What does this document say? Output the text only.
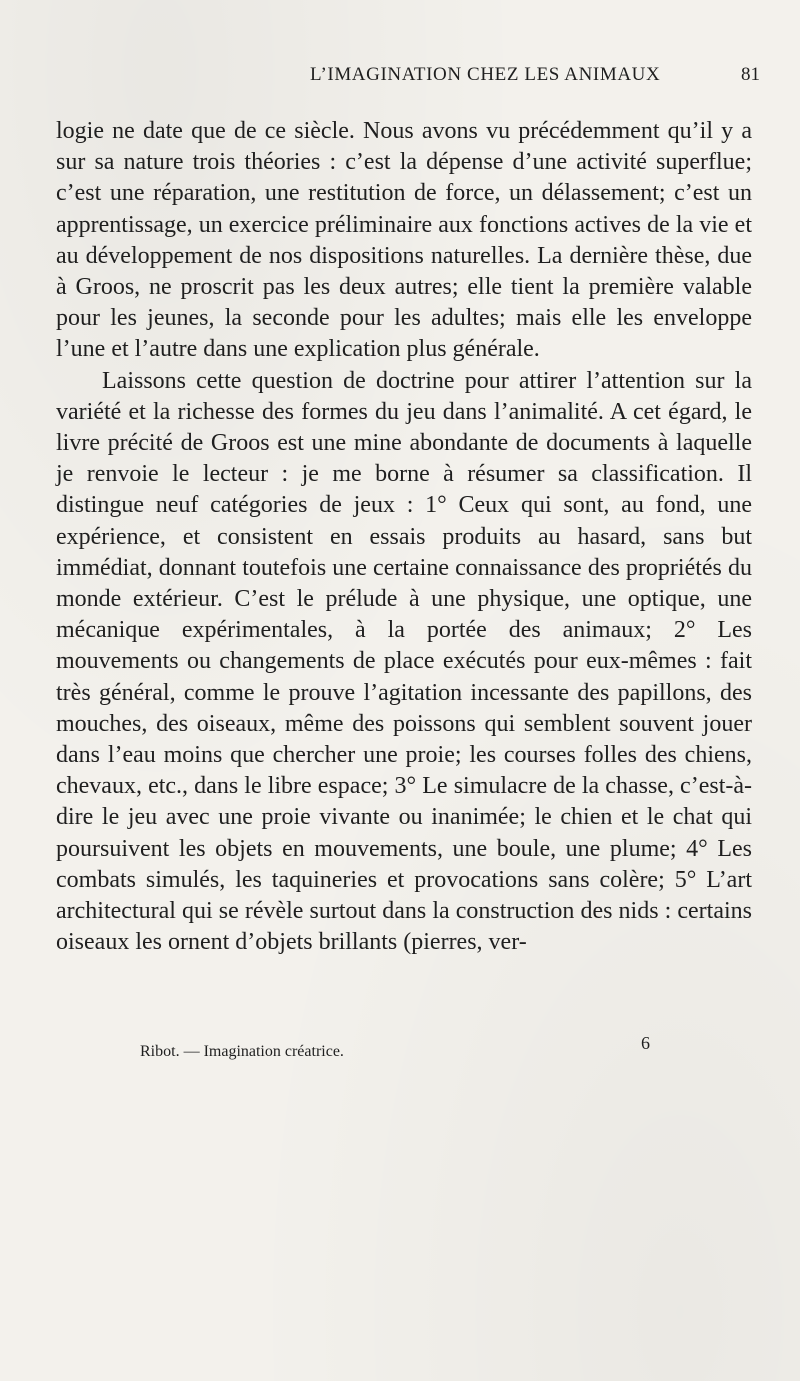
L’IMAGINATION CHEZ LES ANIMAUX	81

logie ne date que de ce siècle. Nous avons vu précédemment qu’il y a sur sa nature trois théories : c’est la dépense d’une activité superflue; c’est une réparation, une restitution de force, un délassement; c’est un apprentissage, un exercice préliminaire aux fonctions actives de la vie et au développement de nos dispositions naturelles. La dernière thèse, due à Groos, ne proscrit pas les deux autres; elle tient la première valable pour les jeunes, la seconde pour les adultes; mais elle les enveloppe l’une et l’autre dans une explication plus générale.

Laissons cette question de doctrine pour attirer l’attention sur la variété et la richesse des formes du jeu dans l’animalité. A cet égard, le livre précité de Groos est une mine abondante de documents à laquelle je renvoie le lecteur : je me borne à résumer sa classification. Il distingue neuf catégories de jeux : 1° Ceux qui sont, au fond, une expérience, et consistent en essais produits au hasard, sans but immédiat, donnant toutefois une certaine connaissance des propriétés du monde extérieur. C’est le prélude à une physique, une optique, une mécanique expérimentales, à la portée des animaux; 2° Les mouvements ou changements de place exécutés pour eux-mêmes : fait très général, comme le prouve l’agitation incessante des papillons, des mouches, des oiseaux, même des poissons qui semblent souvent jouer dans l’eau moins que chercher une proie; les courses folles des chiens, chevaux, etc., dans le libre espace; 3° Le simulacre de la chasse, c’est-à-dire le jeu avec une proie vivante ou inanimée; le chien et le chat qui poursuivent les objets en mouvements, une boule, une plume; 4° Les combats simulés, les taquineries et provocations sans colère; 5° L’art architectural qui se révèle surtout dans la construction des nids : certains oiseaux les ornent d’objets brillants (pierres, ver-

Ribot. — Imagination créatrice.	6
